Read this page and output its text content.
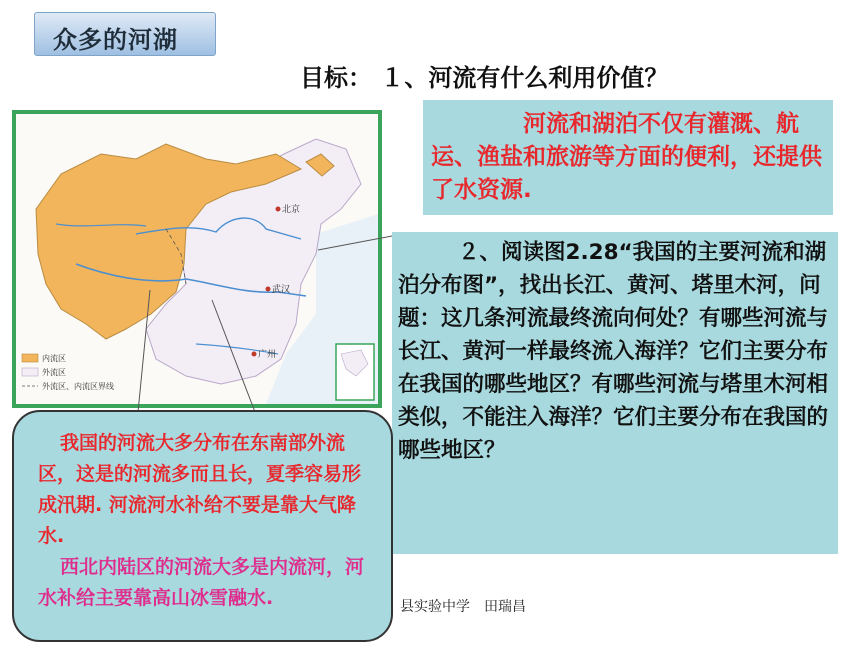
众多的河湖
目标： １、河流有什么利用价值？
北京
武汉
广州
内流区
外流区
外流区、内流区界线
河流和湖泊不仅有灌溉、航运、渔盐和旅游等方面的便利，还提供了水资源.
２、阅读图2.28“我国的主要河流和湖泊分布图”，找出长江、黄河、塔里木河，问题：这几条河流最终流向何处？有哪些河流与长江、黄河一样最终流入海洋？它们主要分布在我国的哪些地区？有哪些河流与塔里木河相类似，不能注入海洋？它们主要分布在我国的哪些地区？

我国的河流大多分布在东南部外流区，这是的河流多而且长，夏季容易形成汛期. 河流河水补给不要是靠大气降水.

西北内陆区的河流大多是内流河，河水补给主要靠高山冰雪融水.	县实验中学　田瑞昌
